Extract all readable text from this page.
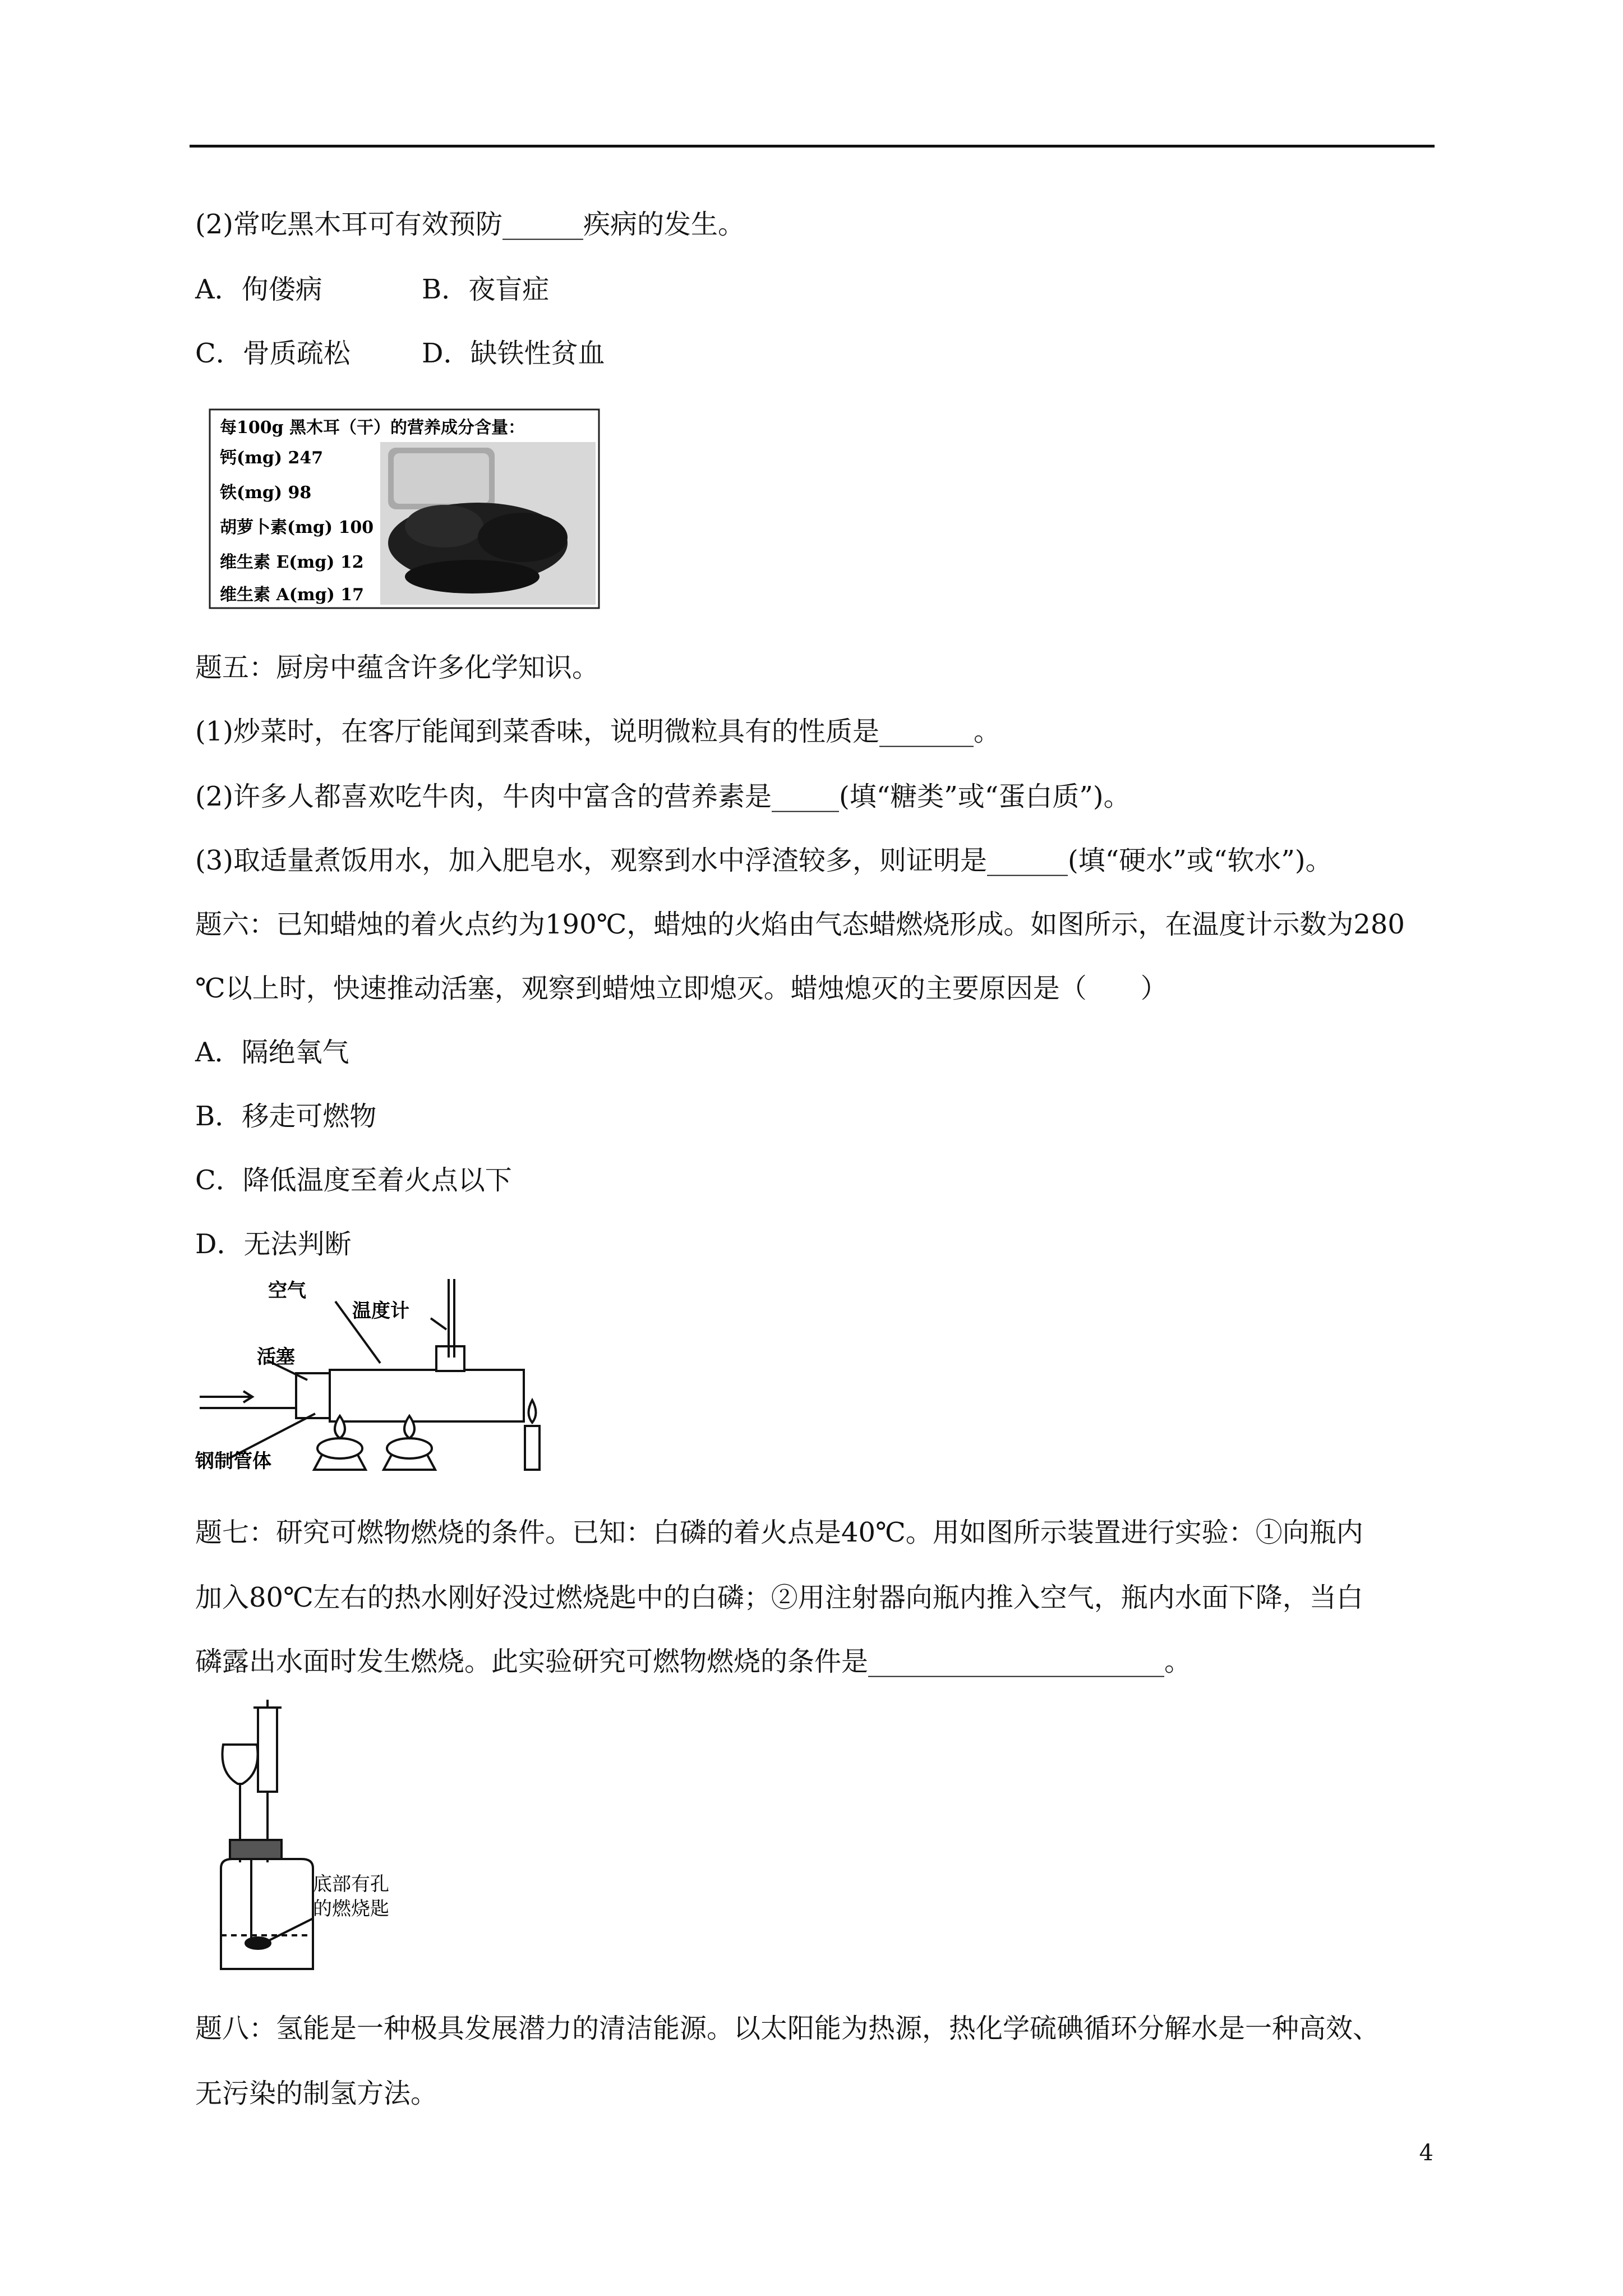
(2)常吃黑木耳可有效预防______疾病的发生。
A．佝偻病	B．夜盲症
C．骨质疏松	D．缺铁性贫血
每100g 黑木耳（干）的营养成分含量：
钙(mg) 247
铁(mg) 98
胡萝卜素(mg) 100
维生素 E(mg) 12
维生素 A(mg) 17
题五：厨房中蕴含许多化学知识。
(1)炒菜时，在客厅能闻到菜香味，说明微粒具有的性质是_______。
(2)许多人都喜欢吃牛肉，牛肉中富含的营养素是_____(填“糖类”或“蛋白质”)。
(3)取适量煮饭用水，加入肥皂水，观察到水中浮渣较多，则证明是______(填“硬水”或“软水”)。
题六：已知蜡烛的着火点约为190℃，蜡烛的火焰由气态蜡燃烧形成。如图所示，在温度计示数为280
℃以上时，快速推动活塞，观察到蜡烛立即熄灭。蜡烛熄灭的主要原因是（　　）
A．隔绝氧气
B．移走可燃物
C．降低温度至着火点以下
D．无法判断
空气
温度计
活塞
钢制管体
题七：研究可燃物燃烧的条件。已知：白磷的着火点是40℃。用如图所示装置进行实验：①向瓶内
加入80℃左右的热水刚好没过燃烧匙中的白磷；②用注射器向瓶内推入空气，瓶内水面下降，当白
磷露出水面时发生燃烧。此实验研究可燃物燃烧的条件是______________________。
底部有孔
的燃烧匙
题八：氢能是一种极具发展潜力的清洁能源。以太阳能为热源，热化学硫碘循环分解水是一种高效、
无污染的制氢方法。
4
